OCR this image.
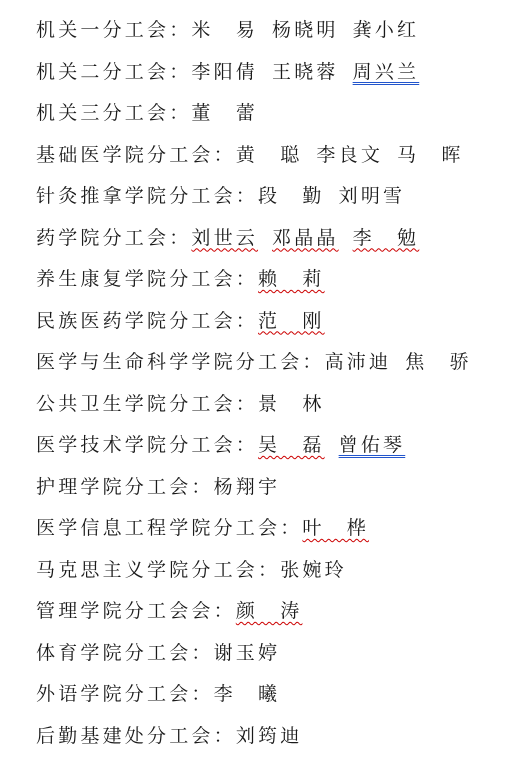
机关一分工会：米　易 杨晓明 龚小红
机关二分工会：李阳倩 王晓蓉 周兴兰
机关三分工会：董　蕾
基础医学院分工会：黄　聪 李良文 马　晖
针灸推拿学院分工会：段　勤 刘明雪
药学院分工会：刘世云 邓晶晶 李　勉
养生康复学院分工会：赖　莉
民族医药学院分工会：范　刚
医学与生命科学学院分工会：高沛迪 焦　骄
公共卫生学院分工会：景　林
医学技术学院分工会：吴　磊 曾佑琴
护理学院分工会：杨翔宇
医学信息工程学院分工会：叶　桦
马克思主义学院分工会：张婉玲
管理学院分工会会：颜　涛
体育学院分工会：谢玉婷
外语学院分工会：李　曦
后勤基建处分工会：刘筠迪
